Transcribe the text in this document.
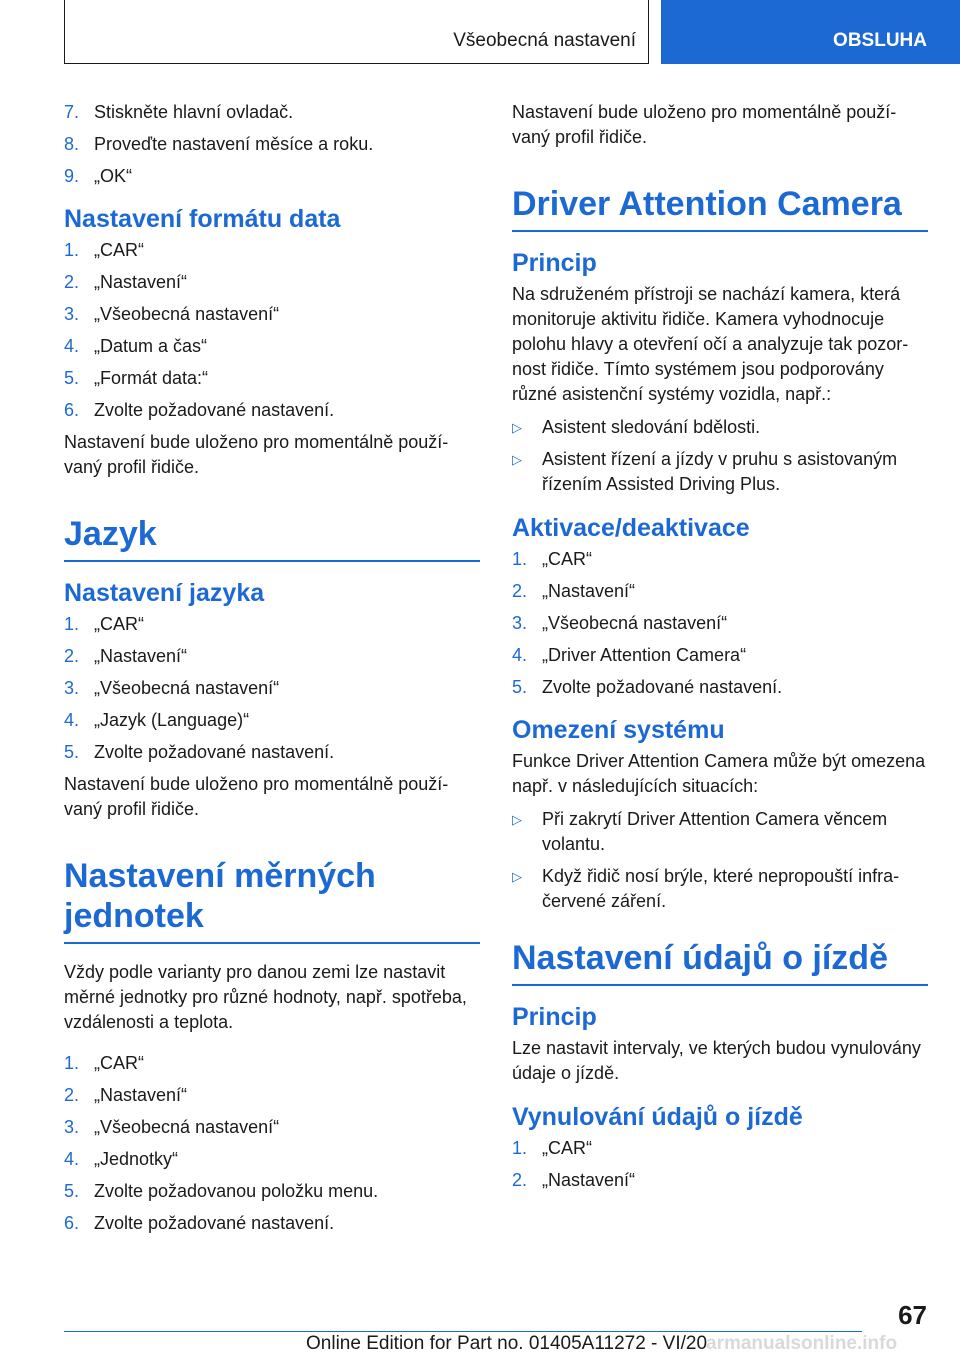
Všeobecná nastavení	OBSLUHA
7. Stiskněte hlavní ovladač.
8. Proveďte nastavení měsíce a roku.
9. „OK“
Nastavení formátu data
1. „CAR“
2. „Nastavení“
3. „Všeobecná nastavení“
4. „Datum a čas“
5. „Formát data:“
6. Zvolte požadované nastavení.

Nastavení bude uloženo pro momentálně používaný profil řidiče.

Jazyk
Nastavení jazyka
1. „CAR“
2. „Nastavení“
3. „Všeobecná nastavení“
4. „Jazyk (Language)“
5. Zvolte požadované nastavení.

Nastavení bude uloženo pro momentálně používaný profil řidiče.

Nastavení měrných jednotek

Vždy podle varianty pro danou zemi lze nastavit měrné jednotky pro různé hodnoty, např. spotřeba, vzdálenosti a teplota.

1. „CAR“
2. „Nastavení“
3. „Všeobecná nastavení“
4. „Jednotky“
5. Zvolte požadovanou položku menu.
6. Zvolte požadované nastavení.

Nastavení bude uloženo pro momentálně používaný profil řidiče.

Driver Attention Camera
Princip

Na sdruženém přístroji se nachází kamera, která monitoruje aktivitu řidiče. Kamera vyhodnocuje polohu hlavy a otevření očí a analyzuje tak pozornost řidiče. Tímto systémem jsou podporovány různé asistenční systémy vozidla, např.:

▷	Asistent sledování bdělosti.
▷	Asistent řízení a jízdy v pruhu s asistovaným řízením Assisted Driving Plus.
Aktivace/deaktivace
1. „CAR“
2. „Nastavení“
3. „Všeobecná nastavení“
4. „Driver Attention Camera“
5. Zvolte požadované nastavení.
Omezení systému

Funkce Driver Attention Camera může být omezena např. v následujících situacích:

▷	Při zakrytí Driver Attention Camera věncem volantu.
▷	Když řidič nosí brýle, které nepropouští infračervené záření.
Nastavení údajů o jízdě
Princip

Lze nastavit intervaly, ve kterých budou vynulovány údaje o jízdě.

Vynulování údajů o jízdě
1. „CAR“
2. „Nastavení“
67
Online Edition for Part no. 01405A11272 - VI/20
armanualsonline.info
